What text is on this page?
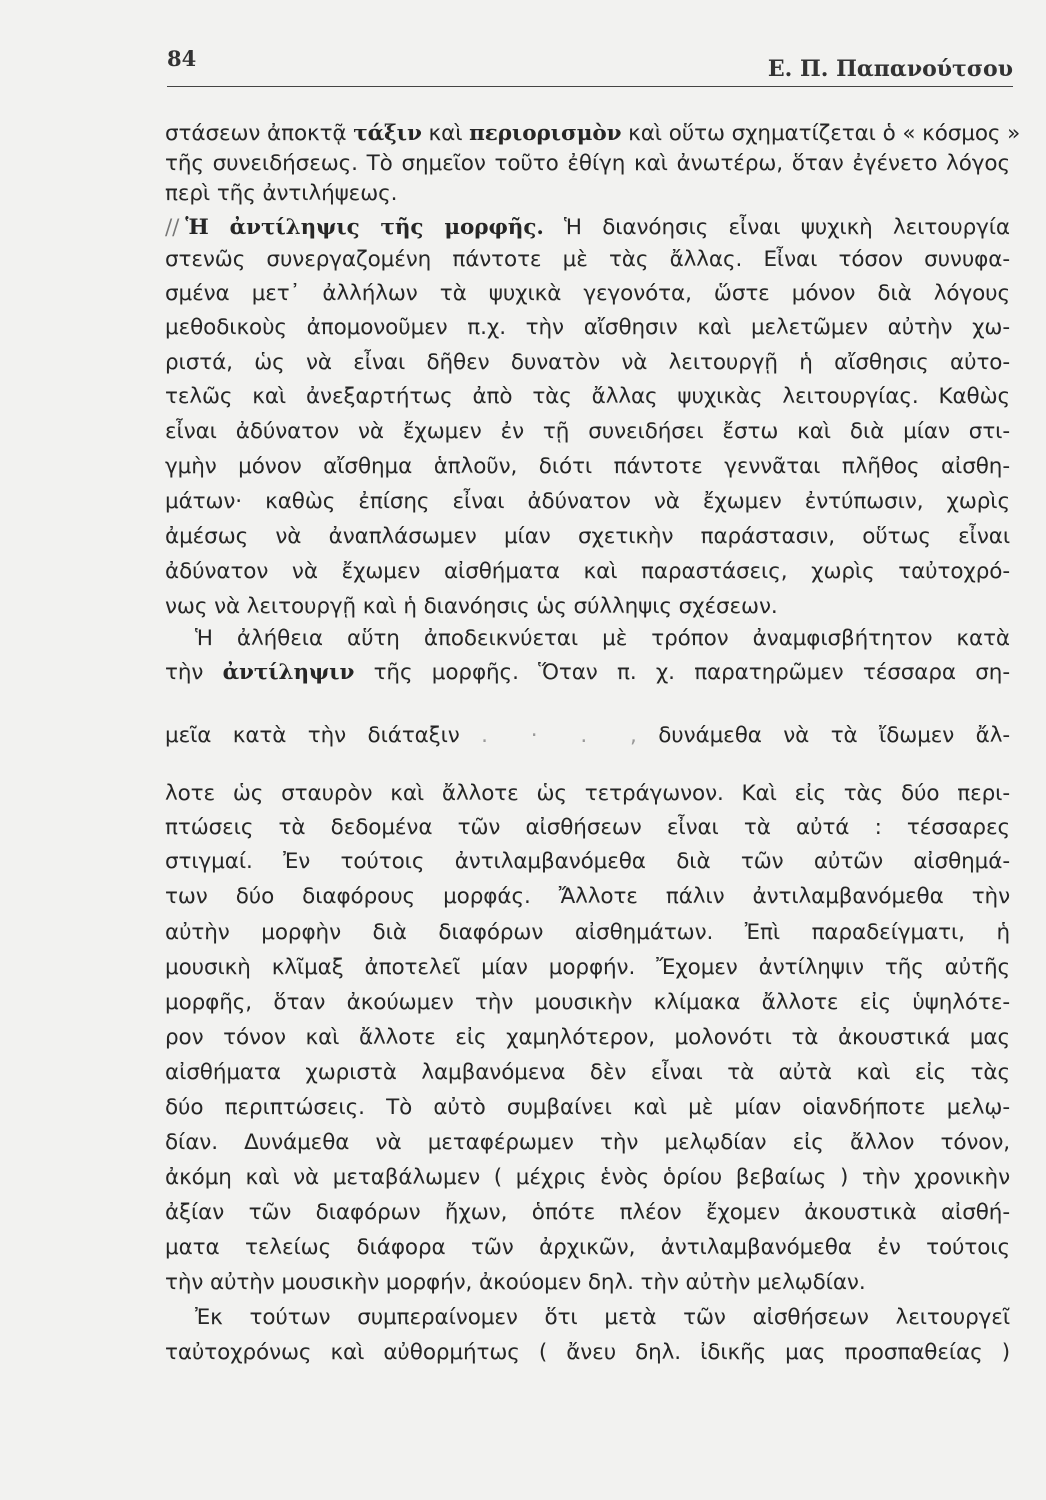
84	Ε. Π. Παπανούτσου
στάσεων ἀποκτᾷ τάξιν καὶ περιορισμὸν καὶ οὕτω σχηματίζεται ὁ « κόσμος »
τῆς συνειδήσεως. Τὸ σημεῖον τοῦτο ἐθίγη καὶ ἀνωτέρω, ὅταν ἐγένετο λόγος
περὶ τῆς ἀντιλήψεως.
// Ἡ ἀντίληψις τῆς μορφῆς. Ἡ διανόησις εἶναι ψυχικὴ λειτουργία
στενῶς συνεργαζομένη πάντοτε μὲ τὰς ἄλλας. Εἶναι τόσον συνυφα-
σμένα μετ᾽ ἀλλήλων τὰ ψυχικὰ γεγονότα, ὥστε μόνον διὰ λόγους
μεθοδικοὺς ἀπομονοῦμεν π.χ. τὴν αἴσθησιν καὶ μελετῶμεν αὐτὴν χω-
ριστά, ὡς νὰ εἶναι δῆθεν δυνατὸν νὰ λειτουργῇ ἡ αἴσθησις αὐτο-
τελῶς καὶ ἀνεξαρτήτως ἀπὸ τὰς ἄλλας ψυχικὰς λειτουργίας. Καθὼς
εἶναι ἀδύνατον νὰ ἔχωμεν ἐν τῇ συνειδήσει ἔστω καὶ διὰ μίαν στι-
γμὴν μόνον αἴσθημα ἁπλοῦν, διότι πάντοτε γεννᾶται πλῆθος αἰσθη-
μάτων· καθὼς ἐπίσης εἶναι ἀδύνατον νὰ ἔχωμεν ἐντύπωσιν, χωρὶς
ἀμέσως νὰ ἀναπλάσωμεν μίαν σχετικὴν παράστασιν, οὕτως εἶναι
ἀδύνατον νὰ ἔχωμεν αἰσθήματα καὶ παραστάσεις, χωρὶς ταὐτοχρό-
νως νὰ λειτουργῇ καὶ ἡ διανόησις ὡς σύλληψις σχέσεων.
Ἡ ἀλήθεια αὕτη ἀποδεικνύεται μὲ τρόπον ἀναμφισβήτητον κατὰ
τὴν ἀντίληψιν τῆς μορφῆς. Ὅταν π. χ. παρατηρῶμεν τέσσαρα ση-
μεῖα κατὰ τὴν διάταξιν .  ·  .  , δυνάμεθα νὰ τὰ ἴδωμεν ἄλ-
λοτε ὡς σταυρὸν καὶ ἄλλοτε ὡς τετράγωνον. Καὶ εἰς τὰς δύο περι-
πτώσεις τὰ δεδομένα τῶν αἰσθήσεων εἶναι τὰ αὐτά : τέσσαρες
στιγμαί. Ἐν τούτοις ἀντιλαμβανόμεθα διὰ τῶν αὐτῶν αἰσθημά-
των δύο διαφόρους μορφάς. Ἄλλοτε πάλιν ἀντιλαμβανόμεθα τὴν
αὐτὴν μορφὴν διὰ διαφόρων αἰσθημάτων. Ἐπὶ παραδείγματι, ἡ
μουσικὴ κλῖμαξ ἀποτελεῖ μίαν μορφήν. Ἔχομεν ἀντίληψιν τῆς αὐτῆς
μορφῆς, ὅταν ἀκούωμεν τὴν μουσικὴν κλίμακα ἄλλοτε εἰς ὑψηλότε-
ρον τόνον καὶ ἄλλοτε εἰς χαμηλότερον, μολονότι τὰ ἀκουστικά μας
αἰσθήματα χωριστὰ λαμβανόμενα δὲν εἶναι τὰ αὐτὰ καὶ εἰς τὰς
δύο περιπτώσεις. Τὸ αὐτὸ συμβαίνει καὶ μὲ μίαν οἱανδήποτε μελῳ-
δίαν. Δυνάμεθα νὰ μεταφέρωμεν τὴν μελῳδίαν εἰς ἄλλον τόνον,
ἀκόμη καὶ νὰ μεταβάλωμεν ( μέχρις ἑνὸς ὁρίου βεβαίως ) τὴν χρονικὴν
ἀξίαν τῶν διαφόρων ἤχων, ὁπότε πλέον ἔχομεν ἀκουστικὰ αἰσθή-
ματα τελείως διάφορα τῶν ἀρχικῶν, ἀντιλαμβανόμεθα ἐν τούτοις
τὴν αὐτὴν μουσικὴν μορφήν, ἀκούομεν δηλ. τὴν αὐτὴν μελῳδίαν.
Ἐκ τούτων συμπεραίνομεν ὅτι μετὰ τῶν αἰσθήσεων λειτουργεῖ
ταὐτοχρόνως καὶ αὐθορμήτως ( ἄνευ δηλ. ἰδικῆς μας προσπαθείας )
